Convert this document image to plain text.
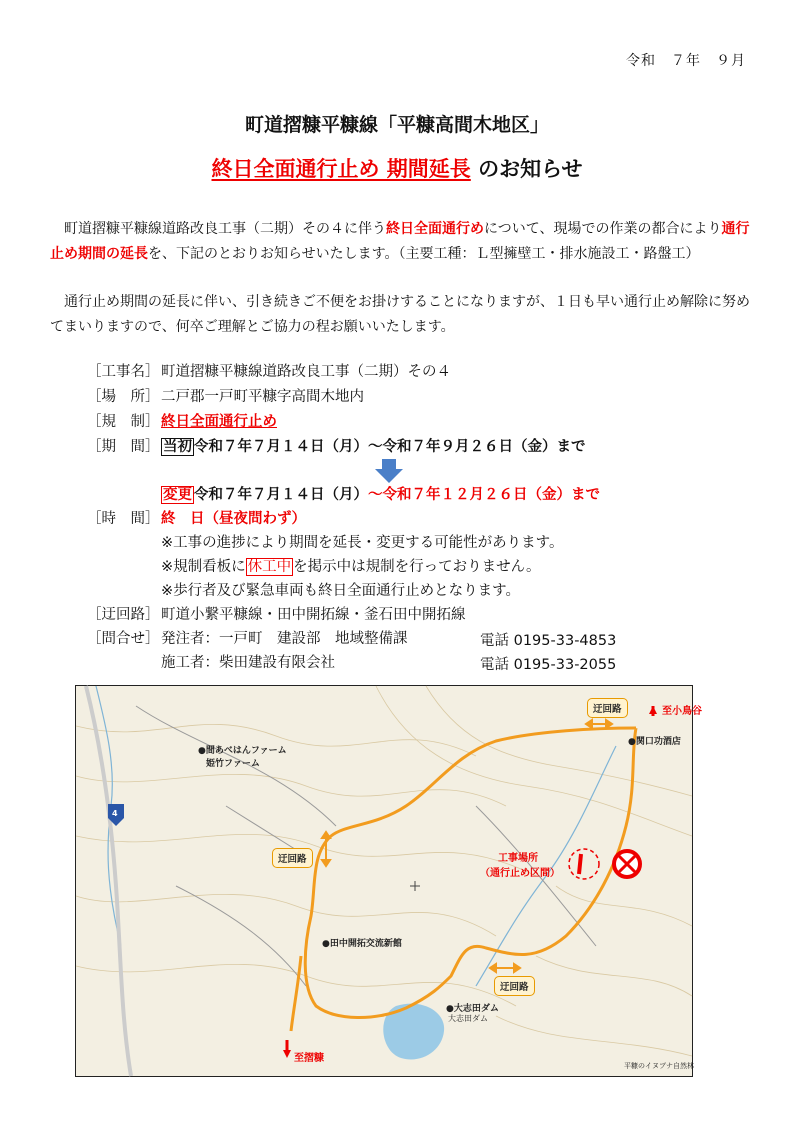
令和　７年　９月
町道摺糠平糠線「平糠高間木地区」
終日全面通行止め 期間延長 のお知らせ
町道摺糠平糠線道路改良工事（二期）その４に伴う終日全面通行めについて、現場での作業の都合により通行止め期間の延長を、下記のとおりお知らせいたします。（主要工種：Ｌ型擁壁工・排水施設工・路盤工）
通行止め期間の延長に伴い、引き続きご不便をお掛けすることになりますが、１日も早い通行止め解除に努めてまいりますので、何卒ご理解とご協力の程お願いいたします。
［工事名］ 町道摺糠平糠線道路改良工事（二期）その４
［場　所］ 二戸郡一戸町平糠字高間木地内
［規　制］ 終日全面通行止め
［期　間］ 当初 令和７年７月１４日（月）～令和７年９月２６日（金）まで
変更 令和７年７月１４日（月）～令和７年１２月２６日（金）まで
［時　間］ 終　日（昼夜問わず）
※工事の進捗により期間を延長・変更する可能性があります。
※規制看板に 休工中 を掲示中は規制を行っておりません。
※歩行者及び緊急車両も終日全面通行止めとなります。
［迂回路］ 町道小繋平糠線・田中開拓線・釜石田中開拓線
［問合せ］ 発注者：一戸町　建設部　地域整備課	電話 0195-33-4853
施工者：柴田建設有限会社	電話 0195-33-2055
迂回路
迂回路
迂回路
至小鳥谷
至摺糠
工事場所
（通行止め区間）
●間あべはんファーム
姫竹ファーム
●関口功酒店
●田中開拓交流新館
●大志田ダム
大志田ダム
4
平糠のイヌブナ自然林
